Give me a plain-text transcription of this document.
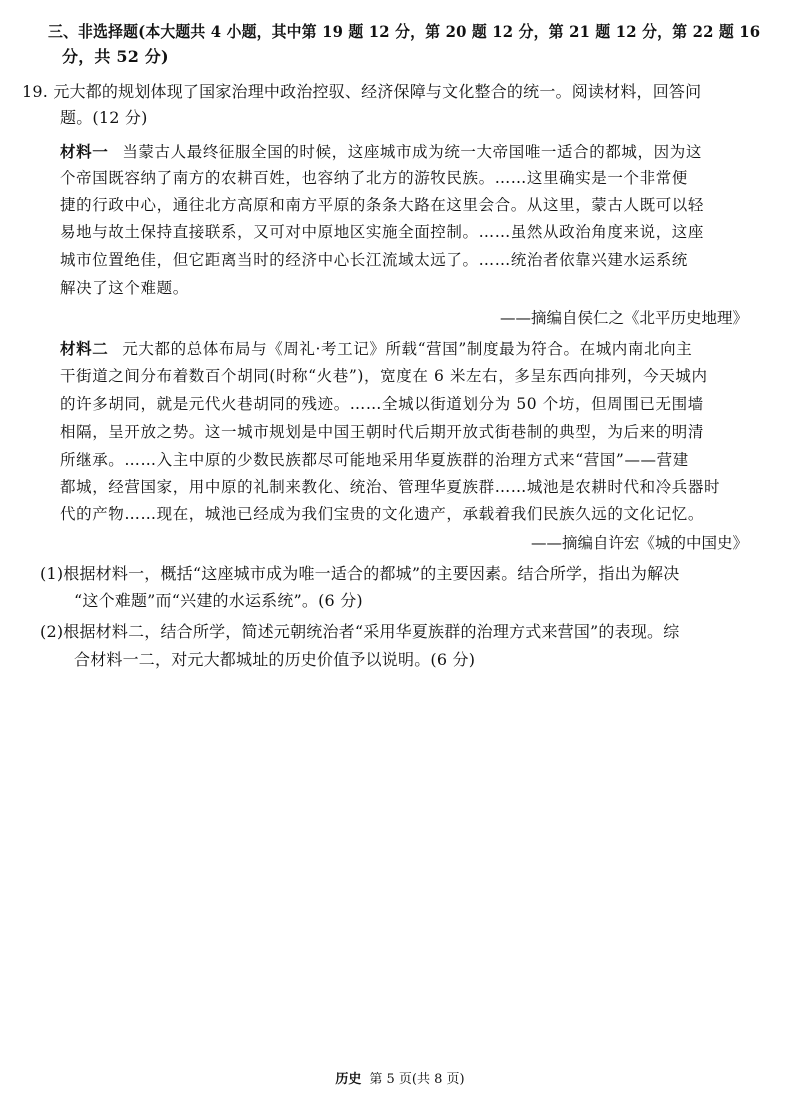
三、非选择题(本大题共 4 小题，其中第 19 题 12 分，第 20 题 12 分，第 21 题 12 分，第 22 题 16
分，共 52 分)
19. 元大都的规划体现了国家治理中政治控驭、经济保障与文化整合的统一。阅读材料，回答问
题。(12 分)
材料一 当蒙古人最终征服全国的时候，这座城市成为统一大帝国唯一适合的都城，因为这
个帝国既容纳了南方的农耕百姓，也容纳了北方的游牧民族。……这里确实是一个非常便
捷的行政中心，通往北方高原和南方平原的条条大路在这里会合。从这里，蒙古人既可以轻
易地与故土保持直接联系，又可对中原地区实施全面控制。……虽然从政治角度来说，这座
城市位置绝佳，但它距离当时的经济中心长江流域太远了。……统治者依靠兴建水运系统
解决了这个难题。
——摘编自侯仁之《北平历史地理》
材料二 元大都的总体布局与《周礼·考工记》所载“营国”制度最为符合。在城内南北向主
干街道之间分布着数百个胡同(时称“火巷”)，宽度在 6 米左右，多呈东西向排列，今天城内
的许多胡同，就是元代火巷胡同的残迹。……全城以街道划分为 50 个坊，但周围已无围墙
相隔，呈开放之势。这一城市规划是中国王朝时代后期开放式街巷制的典型，为后来的明清
所继承。……入主中原的少数民族都尽可能地采用华夏族群的治理方式来“营国”——营建
都城，经营国家，用中原的礼制来教化、统治、管理华夏族群……城池是农耕时代和冷兵器时
代的产物……现在，城池已经成为我们宝贵的文化遗产，承载着我们民族久远的文化记忆。
——摘编自许宏《城的中国史》
(1)根据材料一，概括“这座城市成为唯一适合的都城”的主要因素。结合所学，指出为解决
“这个难题”而“兴建的水运系统”。(6 分)
(2)根据材料二，结合所学，简述元朝统治者“采用华夏族群的治理方式来营国”的表现。综
合材料一二，对元大都城址的历史价值予以说明。(6 分)
历史 第 5 页(共 8 页)
